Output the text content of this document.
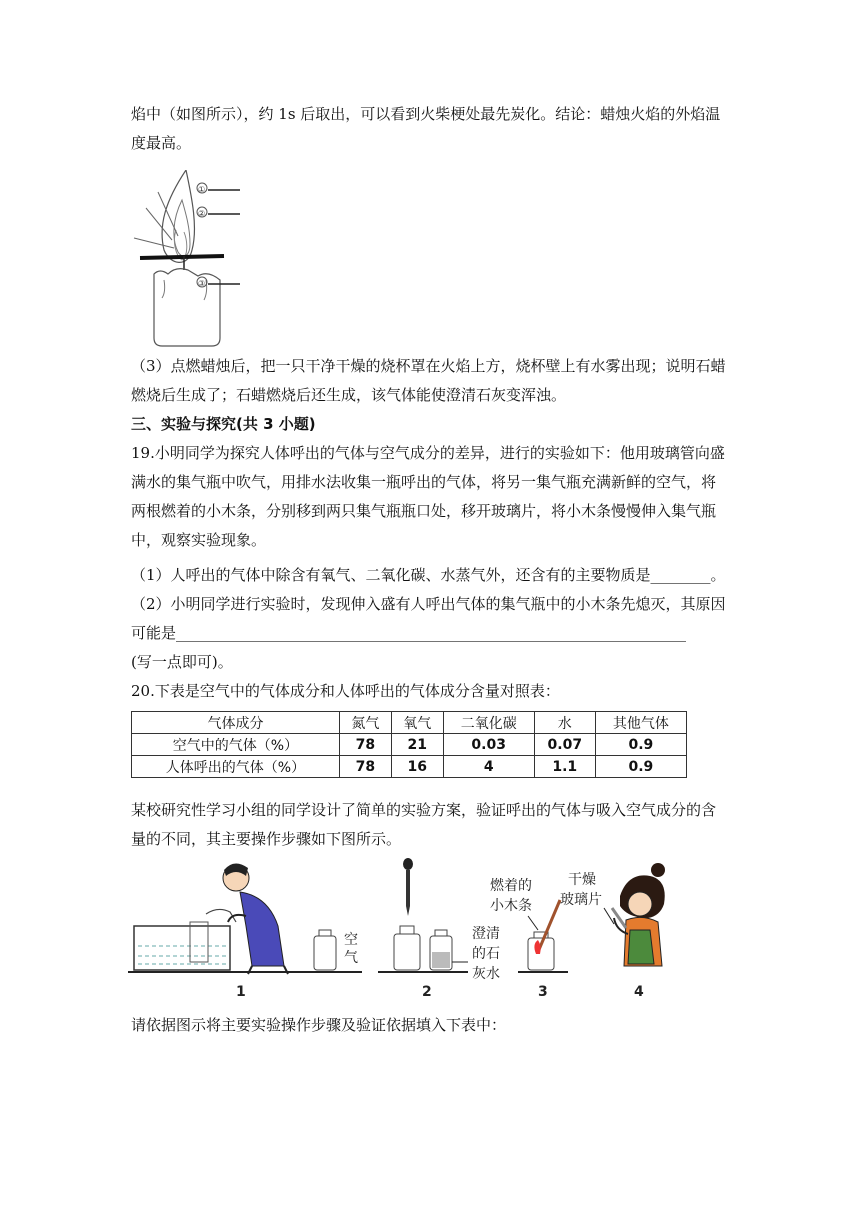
焰中（如图所示），约 1s 后取出，可以看到火柴梗处最先炭化。结论：蜡烛火焰的外焰温
度最高。
①
②
③
（3）点燃蜡烛后，把一只干净干燥的烧杯罩在火焰上方，烧杯壁上有水雾出现；说明石蜡
燃烧后生成了；石蜡燃烧后还生成，该气体能使澄清石灰变浑浊。
三、实验与探究(共 3 小题)
19.小明同学为探究人体呼出的气体与空气成分的差异，进行的实验如下：他用玻璃管向盛
满水的集气瓶中吹气，用排水法收集一瓶呼出的气体，将另一集气瓶充满新鲜的空气，将
两根燃着的小木条，分别移到两只集气瓶瓶口处，移开玻璃片，将小木条慢慢伸入集气瓶
中，观察实验现象。
（1）人呼出的气体中除含有氧气、二氧化碳、水蒸气外，还含有的主要物质是________。
（2）小明同学进行实验时，发现伸入盛有人呼出气体的集气瓶中的小木条先熄灭，其原因
可能是____________________________________________________________________
(写一点即可)。
20.下表是空气中的气体成分和人体呼出的气体成分含量对照表：
气体成分	氮气	氧气	二氧化碳	水	其他气体
空气中的气体（%）	78	21	0.03	0.07	0.9
人体呼出的气体（%）	78	16	4	1.1	0.9
某校研究性学习小组的同学设计了简单的实验方案，验证呼出的气体与吸入空气成分的含
量的不同，其主要操作步骤如下图所示。
空
气
1
澄清
的石
灰水
2
燃着的
小木条
3
干燥
玻璃片
4
请依据图示将主要实验操作步骤及验证依据填入下表中：
